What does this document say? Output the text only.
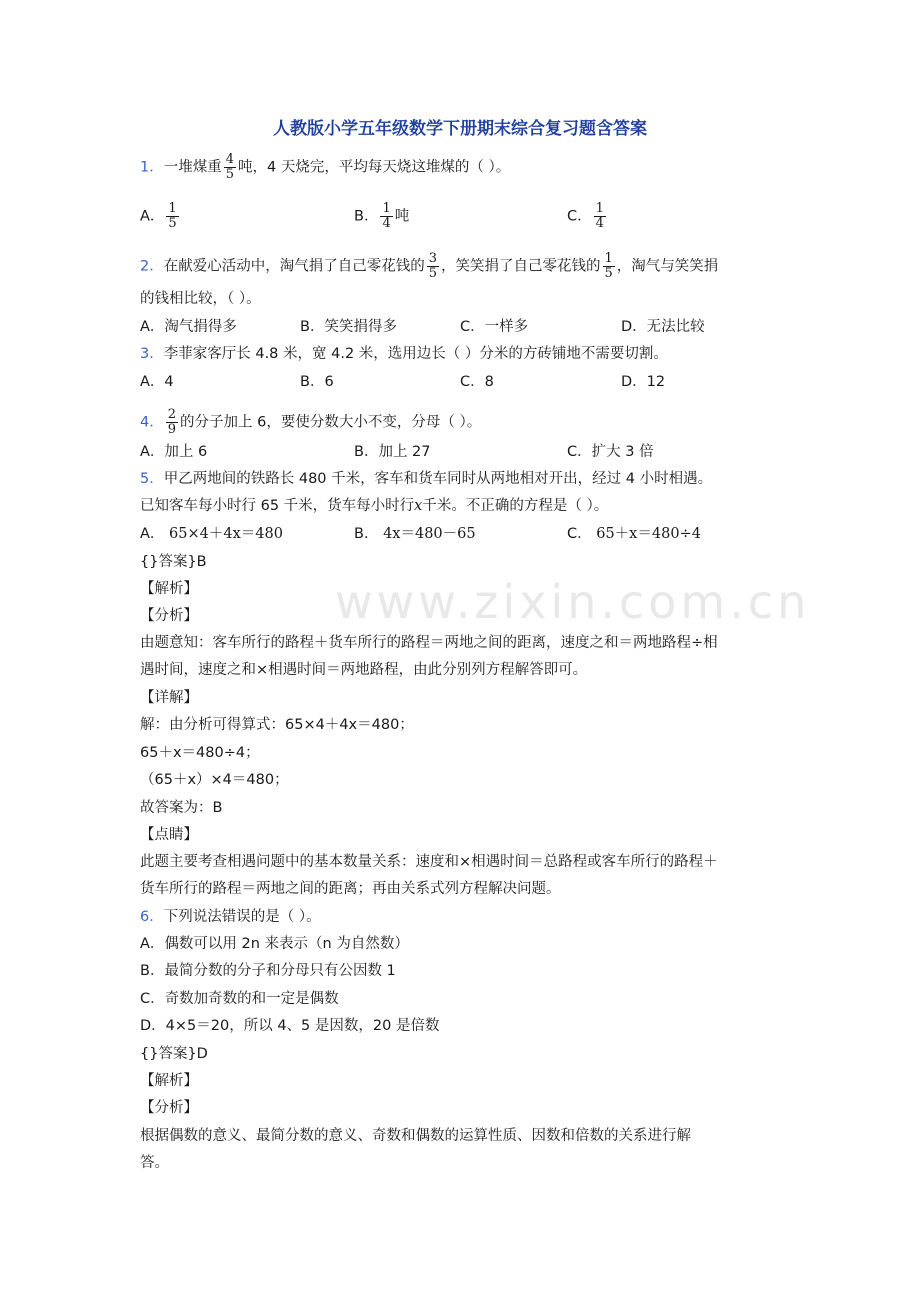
www.zixin.com.cn
人教版小学五年级数学下册期末综合复习题含答案
1．一堆煤重 $\frac{4}{5}$ 吨，4 天烧完，平均每天烧这堆煤的（ ）。
A． $\frac{1}{5}$	B． $\frac{1}{4}$ 吨	C． $\frac{1}{4}$
2．在献爱心活动中，淘气捐了自己零花钱的 $\frac{3}{5}$ ，笑笑捐了自己零花钱的 $\frac{1}{5}$ ，淘气与笑笑捐
的钱相比较，（ ）。
A．淘气捐得多	B．笑笑捐得多	C．一样多	D．无法比较
3．李菲家客厅长 4.8 米，宽 4.2 米，选用边长（ ）分米的方砖铺地不需要切割。
A．4	B．6	C．8	D．12
4． $\frac{2}{9}$ 的分子加上 6，要使分数大小不变，分母（ ）。
A．加上 6	B．加上 27	C．扩大 3 倍
5．甲乙两地间的铁路长 480 千米，客车和货车同时从两地相对开出，经过 4 小时相遇。
已知客车每小时行 65 千米，货车每小时行x千米。不正确的方程是（ ）。
A． 65×4＋4x＝480	B． 4x＝480－65	C． 65＋x＝480÷4
{}答案}B
【解析】
【分析】
由题意知：客车所行的路程＋货车所行的路程＝两地之间的距离，速度之和＝两地路程÷相
遇时间，速度之和×相遇时间＝两地路程，由此分别列方程解答即可。
【详解】
解：由分析可得算式：65×4＋4x＝480；
65＋x＝480÷4；
（65＋x）×4＝480；
故答案为：B
【点睛】
此题主要考查相遇问题中的基本数量关系：速度和×相遇时间＝总路程或客车所行的路程＋
货车所行的路程＝两地之间的距离；再由关系式列方程解决问题。
6．下列说法错误的是（ ）。
A．偶数可以用 2n 来表示（n 为自然数）
B．最简分数的分子和分母只有公因数 1
C．奇数加奇数的和一定是偶数
D．4×5＝20，所以 4、5 是因数，20 是倍数
{}答案}D
【解析】
【分析】
根据偶数的意义、最简分数的意义、奇数和偶数的运算性质、因数和倍数的关系进行解
答。
